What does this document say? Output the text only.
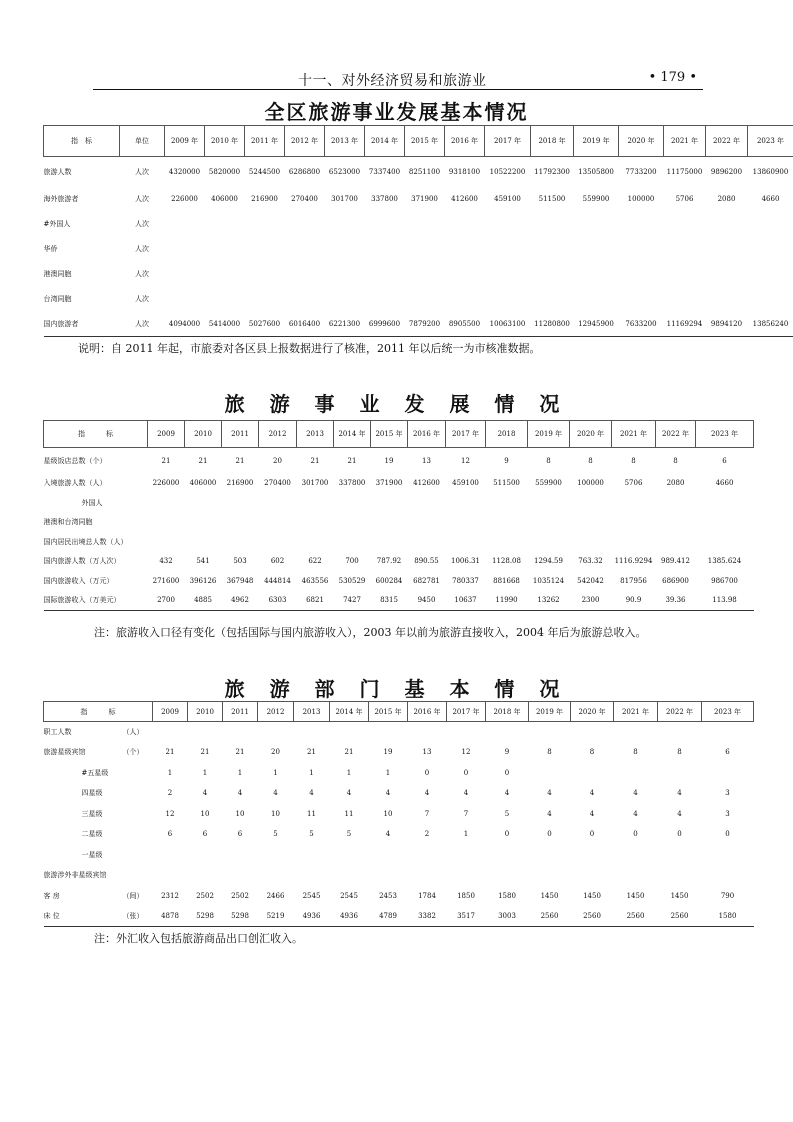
十一、对外经济贸易和旅游业	• 179 •
全区旅游事业发展基本情况
指　标	单位	2009 年	2010 年	2011 年	2012 年	2013 年	2014 年	2015 年	2016 年	2017 年	2018 年	2019 年	2020 年	2021 年	2022 年	2023 年
旅游人数	人次	4320000	5820000	5244500	6286800	6523000	7337400	8251100	9318100	10522200	11792300	13505800	7733200	11175000	9896200	13860900
海外旅游者	人次	226000	406000	216900	270400	301700	337800	371900	412600	459100	511500	559900	100000	5706	2080	4660
#外国人	人次															
华侨	人次															
港澳同胞	人次															
台湾同胞	人次															
国内旅游者	人次	4094000	5414000	5027600	6016400	6221300	6999600	7879200	8905500	10063100	11280800	12945900	7633200	11169294	9894120	13856240
说明：自 2011 年起，市旅委对各区县上报数据进行了核准，2011 年以后统一为市核准数据。
旅 游 事 业 发 展 情 况
指　　　标	2009	2010	2011	2012	2013	2014 年	2015 年	2016 年	2017 年	2018	2019 年	2020 年	2021 年	2022 年	2023 年
星级饭店总数（个）	21	21	21	20	21	21	19	13	12	9	8	8	8	8	6
入境旅游人数（人）	226000	406000	216900	270400	301700	337800	371900	412600	459100	511500	559900	100000	5706	2080	4660
外国人															
港澳和台湾同胞															
国内居民出境总人数（人）															
国内旅游人数（万人次）	432	541	503	602	622	700	787.92	890.55	1006.31	1128.08	1294.59	763.32	1116.9294	989.412	1385.624
国内旅游收入（万元）	271600	396126	367948	444814	463556	530529	600284	682781	780337	881668	1035124	542042	817956	686900	986700
国际旅游收入（万美元）	2700	4885	4962	6303	6821	7427	8315	9450	10637	11990	13262	2300	90.9	39.36	113.98
注：旅游收入口径有变化（包括国际与国内旅游收入），2003 年以前为旅游直接收入，2004 年后为旅游总收入。
旅 游 部 门 基 本 情 况
指　　　标		2009	2010	2011	2012	2013	2014 年	2015 年	2016 年	2017 年	2018 年	2019 年	2020 年	2021 年	2022 年	2023 年
职工人数	（人）															
旅游星级宾馆	（个）	21	21	21	20	21	21	19	13	12	9	8	8	8	8	6
#五星级		1	1	1	1	1	1	1	0	0	0					
四星级		2	4	4	4	4	4	4	4	4	4	4	4	4	4	3
三星级		12	10	10	10	11	11	10	7	7	5	4	4	4	4	3
二星级		6	6	6	5	5	5	4	2	1	0	0	0	0	0	0
一星级																
旅游涉外非星级宾馆																
客 房	（间）	2312	2502	2502	2466	2545	2545	2453	1784	1850	1580	1450	1450	1450	1450	790
床 位	（张）	4878	5298	5298	5219	4936	4936	4789	3382	3517	3003	2560	2560	2560	2560	1580
注：外汇收入包括旅游商品出口创汇收入。
